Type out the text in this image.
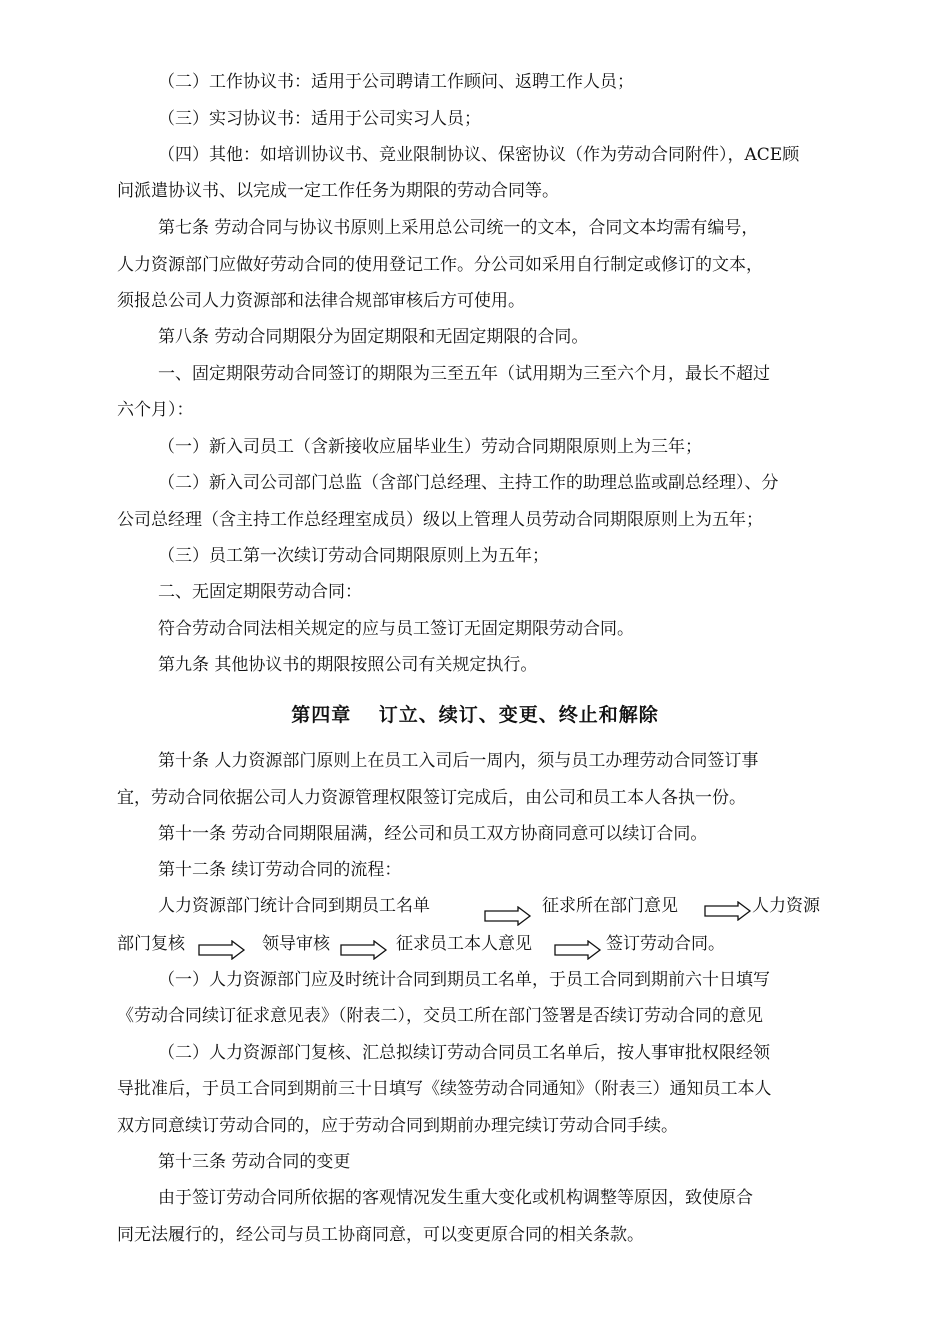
（二）工作协议书：适用于公司聘请工作顾问、返聘工作人员；
（三）实习协议书：适用于公司实习人员；
（四）其他：如培训协议书、竞业限制协议、保密协议（作为劳动合同附件），ACE顾
问派遣协议书、以完成一定工作任务为期限的劳动合同等。
第七条 劳动合同与协议书原则上采用总公司统一的文本，合同文本均需有编号，
人力资源部门应做好劳动合同的使用登记工作。分公司如采用自行制定或修订的文本，
须报总公司人力资源部和法律合规部审核后方可使用。
第八条 劳动合同期限分为固定期限和无固定期限的合同。
一、固定期限劳动合同签订的期限为三至五年（试用期为三至六个月，最长不超过
六个月）：
（一）新入司员工（含新接收应届毕业生）劳动合同期限原则上为三年；
（二）新入司公司部门总监（含部门总经理、主持工作的助理总监或副总经理）、分
公司总经理（含主持工作总经理室成员）级以上管理人员劳动合同期限原则上为五年；
（三）员工第一次续订劳动合同期限原则上为五年；
二、无固定期限劳动合同：
符合劳动合同法相关规定的应与员工签订无固定期限劳动合同。
第九条 其他协议书的期限按照公司有关规定执行。
第四章　 订立、续订、变更、终止和解除
第十条 人力资源部门原则上在员工入司后一周内，须与员工办理劳动合同签订事
宜，劳动合同依据公司人力资源管理权限签订完成后，由公司和员工本人各执一份。
第十一条 劳动合同期限届满，经公司和员工双方协商同意可以续订合同。
第十二条 续订劳动合同的流程：
人力资源部门统计合同到期员工名单	征求所在部门意见	人力资源
部门复核	领导审核	征求员工本人意见	签订劳动合同。
（一）人力资源部门应及时统计合同到期员工名单，于员工合同到期前六十日填写
《劳动合同续订征求意见表》（附表二），交员工所在部门签署是否续订劳动合同的意见
（二）人力资源部门复核、汇总拟续订劳动合同员工名单后，按人事审批权限经领
导批准后，于员工合同到期前三十日填写《续签劳动合同通知》（附表三）通知员工本人
双方同意续订劳动合同的，应于劳动合同到期前办理完续订劳动合同手续。
第十三条 劳动合同的变更
由于签订劳动合同所依据的客观情况发生重大变化或机构调整等原因，致使原合
同无法履行的，经公司与员工协商同意，可以变更原合同的相关条款。
